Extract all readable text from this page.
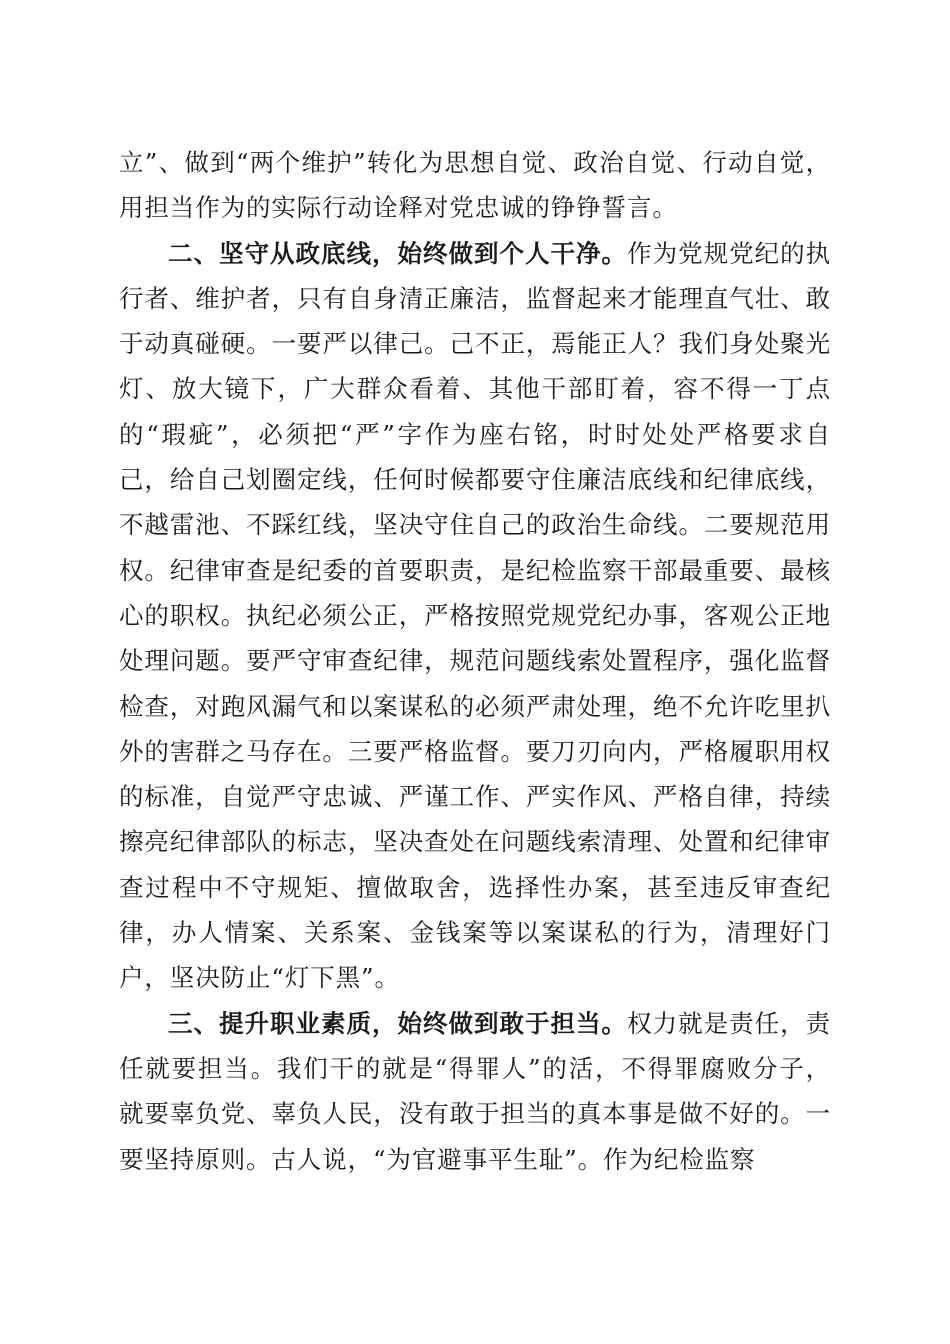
立”、做到“两个维护”转化为思想自觉、政治自觉、行动自觉，用担当作为的实际行动诠释对党忠诚的铮铮誓言。

二、坚守从政底线，始终做到个人干净。作为党规党纪的执行者、维护者，只有自身清正廉洁，监督起来才能理直气壮、敢于动真碰硬。一要严以律己。己不正，焉能正人？我们身处聚光灯、放大镜下，广大群众看着、其他干部盯着，容不得一丁点的“瑕疵”，必须把“严”字作为座右铭，时时处处严格要求自己，给自己划圈定线，任何时候都要守住廉洁底线和纪律底线，不越雷池、不踩红线，坚决守住自己的政治生命线。二要规范用权。纪律审查是纪委的首要职责，是纪检监察干部最重要、最核心的职权。执纪必须公正，严格按照党规党纪办事，客观公正地处理问题。要严守审查纪律，规范问题线索处置程序，强化监督检查，对跑风漏气和以案谋私的必须严肃处理，绝不允许吃里扒外的害群之马存在。三要严格监督。要刀刃向内，严格履职用权的标准，自觉严守忠诚、严谨工作、严实作风、严格自律，持续擦亮纪律部队的标志，坚决查处在问题线索清理、处置和纪律审查过程中不守规矩、擅做取舍，选择性办案，甚至违反审查纪律，办人情案、关系案、金钱案等以案谋私的行为，清理好门户，坚决防止“灯下黑”。

三、提升职业素质，始终做到敢于担当。权力就是责任，责任就要担当。我们干的就是“得罪人”的活，不得罪腐败分子，就要辜负党、辜负人民，没有敢于担当的真本事是做不好的。一要坚持原则。古人说，“为官避事平生耻”。作为纪检监察
